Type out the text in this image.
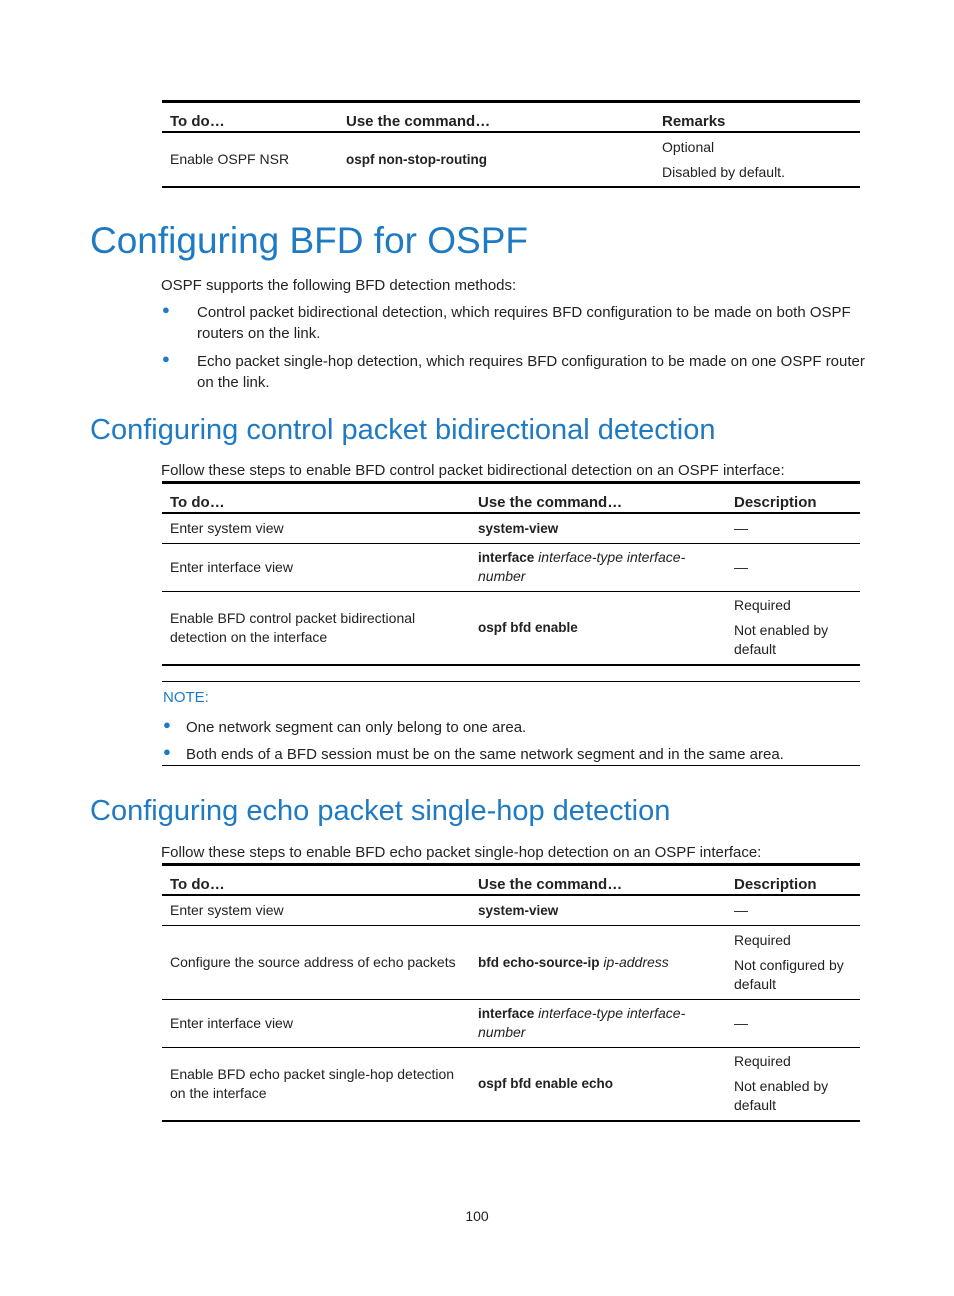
To do…	Use the command…	Remarks
Enable OSPF NSR	ospf non-stop-routing	Optional

Disabled by default.

Configuring BFD for OSPF
OSPF supports the following BFD detection methods:
●	Control packet bidirectional detection, which requires BFD configuration to be made on both OSPF routers on the link.
●	Echo packet single-hop detection, which requires BFD configuration to be made on one OSPF router on the link.
Configuring control packet bidirectional detection
Follow these steps to enable BFD control packet bidirectional detection on an OSPF interface:
To do…	Use the command…	Description
Enter system view	system-view	—
Enter interface view	interface interface-type interface-number	—
Enable BFD control packet bidirectional detection on the interface	ospf bfd enable	Required

Not enabled by default

NOTE:
●	One network segment can only belong to one area.
●	Both ends of a BFD session must be on the same network segment and in the same area.
Configuring echo packet single-hop detection
Follow these steps to enable BFD echo packet single-hop detection on an OSPF interface:
To do…	Use the command…	Description
Enter system view	system-view	—
Configure the source address of echo packets	bfd echo-source-ip ip-address	Required

Not configured by default

Enter interface view	interface interface-type interface-number	—
Enable BFD echo packet single-hop detection on the interface	ospf bfd enable echo	Required

Not enabled by default

100
